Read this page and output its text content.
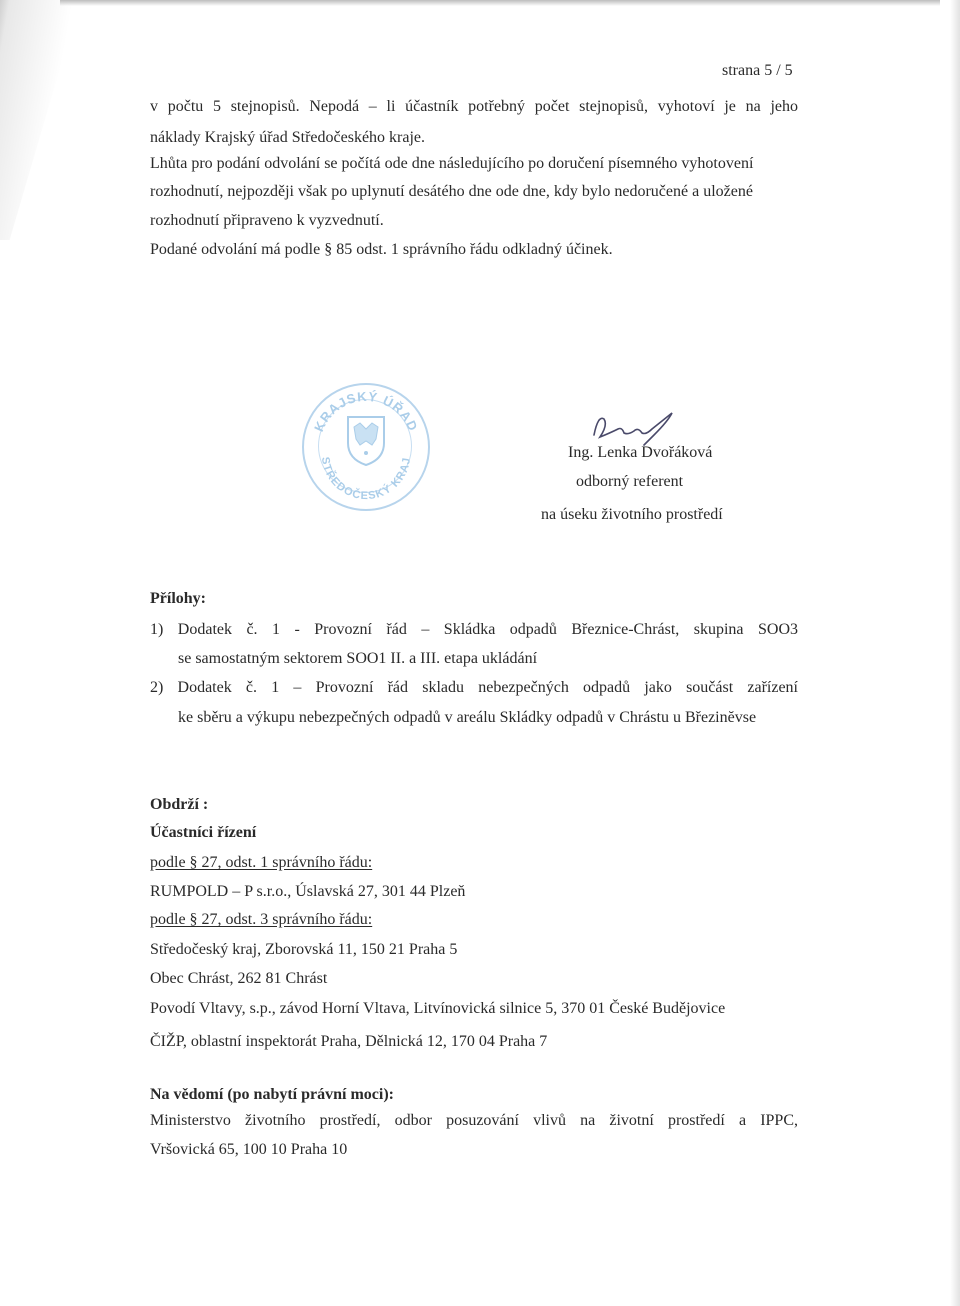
strana 5 / 5
v počtu 5 stejnopisů. Nepodá – li účastník potřebný počet stejnopisů, vyhotoví je na jeho
náklady Krajský úřad Středočeského kraje.
Lhůta pro podání odvolání se počítá ode dne následujícího po doručení písemného vyhotovení
rozhodnutí, nejpozději však po uplynutí desátého dne ode dne, kdy bylo nedoručené a uložené
rozhodnutí připraveno k vyzvednutí.
Podané odvolání má podle § 85 odst. 1 správního řádu odkladný účinek.
KRAJSKÝ ÚŘAD
STŘEDOČESKÝ KRAJ	Ing. Lenka Dvořáková
odborný referent
na úseku životního prostředí
Přílohy:
1) Dodatek č. 1 - Provozní řád – Skládka odpadů Březnice-Chrást, skupina SOO3
se samostatným sektorem SOO1 II. a III. etapa ukládání
2) Dodatek č. 1 – Provozní řád skladu nebezpečných odpadů jako součást zařízení
ke sběru a výkupu nebezpečných odpadů v areálu Skládky odpadů v Chrástu u Březinĕvse
Obdrží :
Účastníci řízení
podle § 27, odst. 1 správního řádu:
RUMPOLD – P s.r.o., Úslavská 27, 301 44 Plzeň
podle § 27, odst. 3 správního řádu:
Středočeský kraj, Zborovská 11, 150 21 Praha 5
Obec Chrást, 262 81 Chrást
Povodí Vltavy, s.p., závod Horní Vltava, Litvínovická silnice 5, 370 01 České Budějovice
ČIŽP, oblastní inspektorát Praha, Dělnická 12, 170 04 Praha 7
Na vědomí (po nabytí právní moci):
Ministerstvo životního prostředí, odbor posuzování vlivů na životní prostředí a IPPC,
Vršovická 65, 100 10 Praha 10
